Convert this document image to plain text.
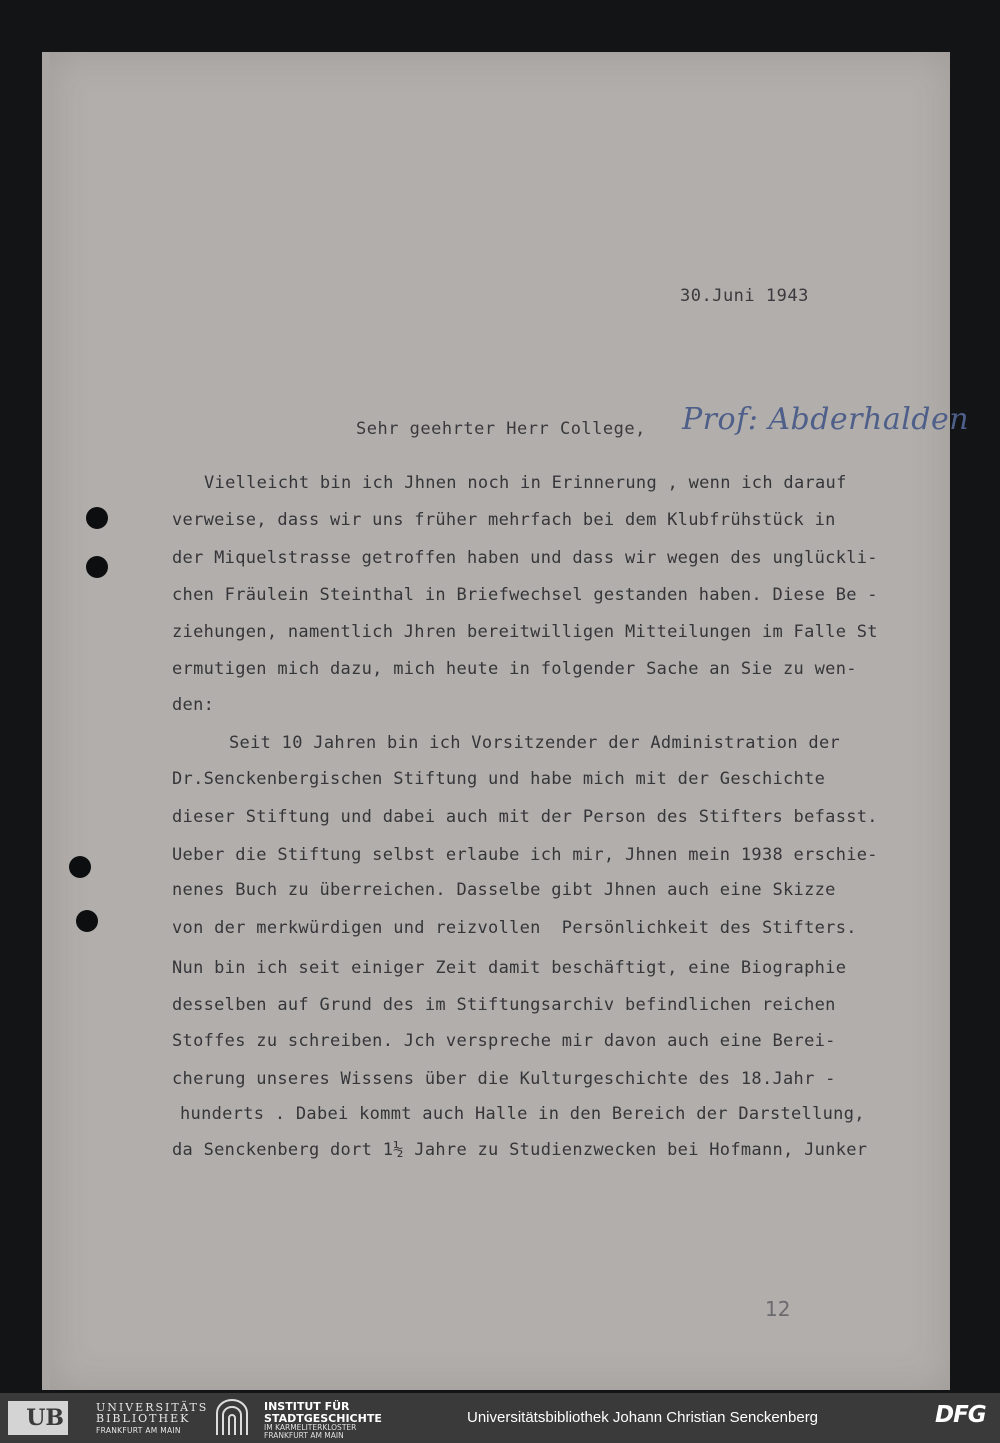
30.Juni 1943
Sehr geehrter Herr College, Prof: Abderhalden
Vielleicht bin ich Jhnen noch in Erinnerung , wenn ich darauf
verweise, dass wir uns früher mehrfach bei dem Klubfrühstück in
der Miquelstrasse getroffen haben und dass wir wegen des unglückli-
chen Fräulein Steinthal in Briefwechsel gestanden haben. Diese Be -
ziehungen, namentlich Jhren bereitwilligen Mitteilungen im Falle St
ermutigen mich dazu, mich heute in folgender Sache an Sie zu wen-
den:
Seit 10 Jahren bin ich Vorsitzender der Administration der
Dr.Senckenbergischen Stiftung und habe mich mit der Geschichte
dieser Stiftung und dabei auch mit der Person des Stifters befasst.
Ueber die Stiftung selbst erlaube ich mir, Jhnen mein 1938 erschie-
nenes Buch zu überreichen. Dasselbe gibt Jhnen auch eine Skizze
von der merkwürdigen und reizvollen  Persönlichkeit des Stifters.
Nun bin ich seit einiger Zeit damit beschäftigt, eine Biographie
desselben auf Grund des im Stiftungsarchiv befindlichen reichen
Stoffes zu schreiben. Jch verspreche mir davon auch eine Berei-
cherung unseres Wissens über die Kulturgeschichte des 18.Jahr -
hunderts . Dabei kommt auch Halle in den Bereich der Darstellung,
da Senckenberg dort 1½ Jahre zu Studienzwecken bei Hofmann, Junker
12
UB	UNIVERSITÄTS
BIBLIOTHEK
FRANKFURT AM MAIN
INSTITUT FÜR
STADTGESCHICHTE
IM KARMELITERKLOSTER
FRANKFURT AM MAIN
Universitätsbibliothek Johann Christian Senckenberg	DFG
